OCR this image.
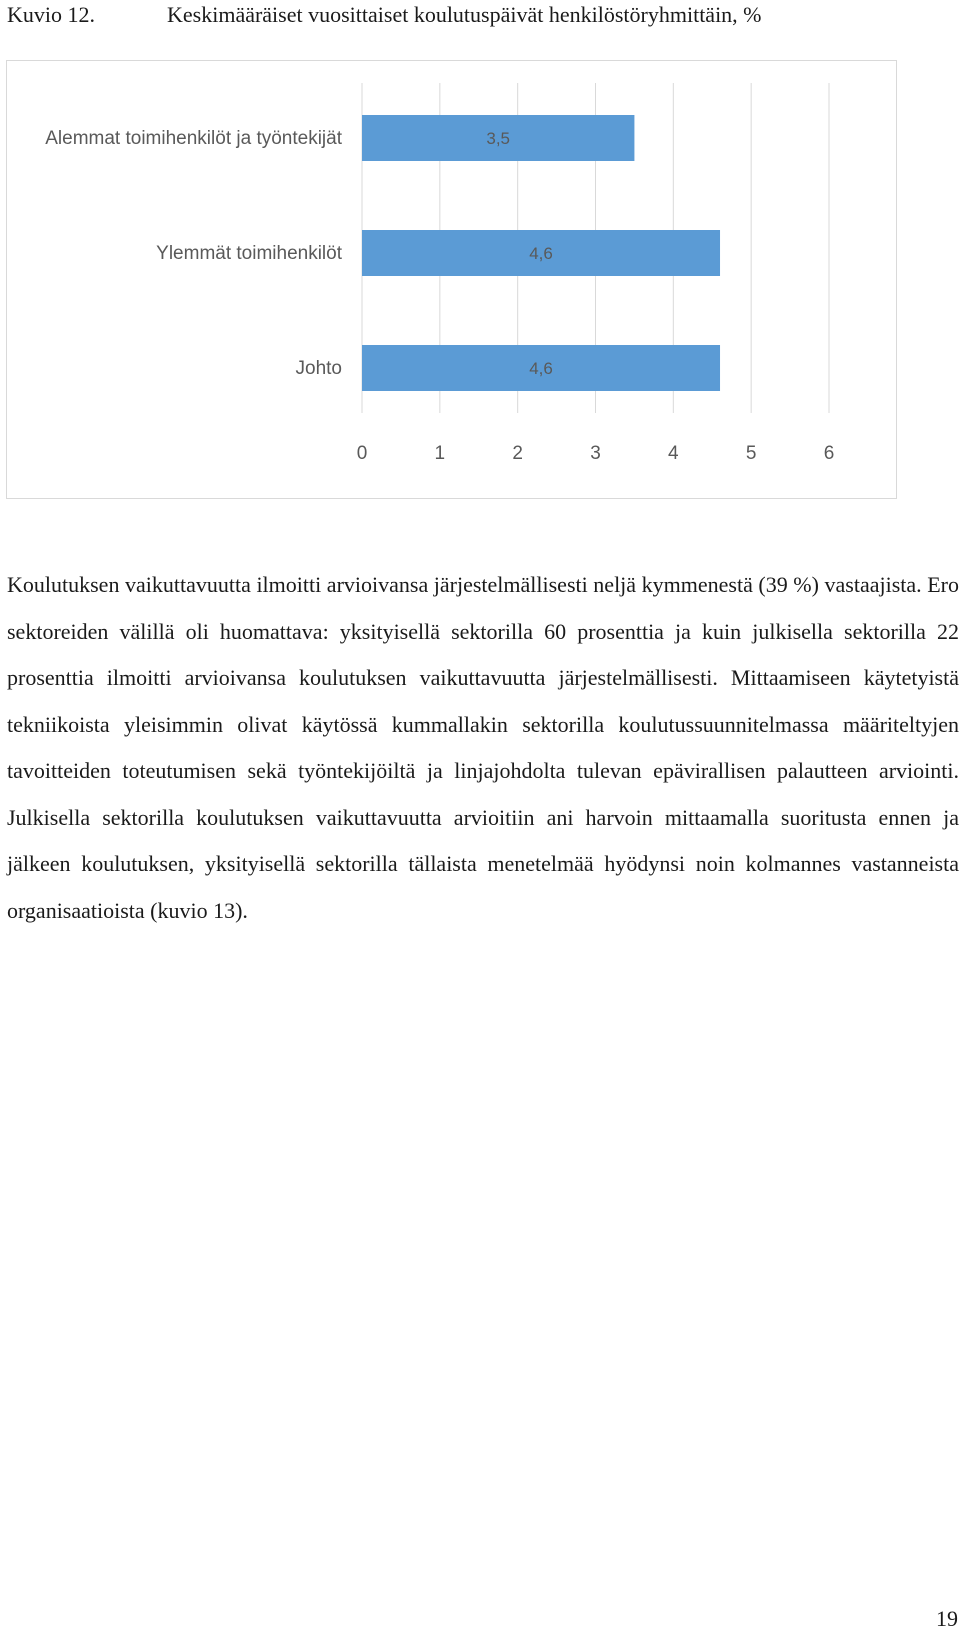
Kuvio 12.	Keskimääräiset vuosittaiset koulutuspäivät henkilöstöryhmittäin, %
3,5
Alemmat toimihenkilöt ja työntekijät
4,6
Ylemmät toimihenkilöt
4,6
Johto
0	1	2	3	4	5	6

Koulutuksen vaikuttavuutta ilmoitti arvioivansa järjestelmällisesti neljä kymmenestä (39 %) vastaajista. Ero sektoreiden välillä oli huomattava: yksityisellä sektorilla 60 prosenttia ja kuin julkisella sektorilla 22 prosenttia ilmoitti arvioivansa koulutuksen vaikuttavuutta järjestelmällisesti. Mittaamiseen käytetyistä tekniikoista yleisimmin olivat käytössä kummallakin sektorilla koulutussuunnitelmassa määriteltyjen tavoitteiden toteutumisen sekä työntekijöiltä ja linjajohdolta tulevan epävirallisen palautteen arviointi. Julkisella sektorilla koulutuksen vaikuttavuutta arvioitiin ani harvoin mittaamalla suoritusta ennen ja jälkeen koulutuksen, yksityisellä sektorilla tällaista menetelmää hyödynsi noin kolmannes vastanneista organisaatioista (kuvio 13).

19
